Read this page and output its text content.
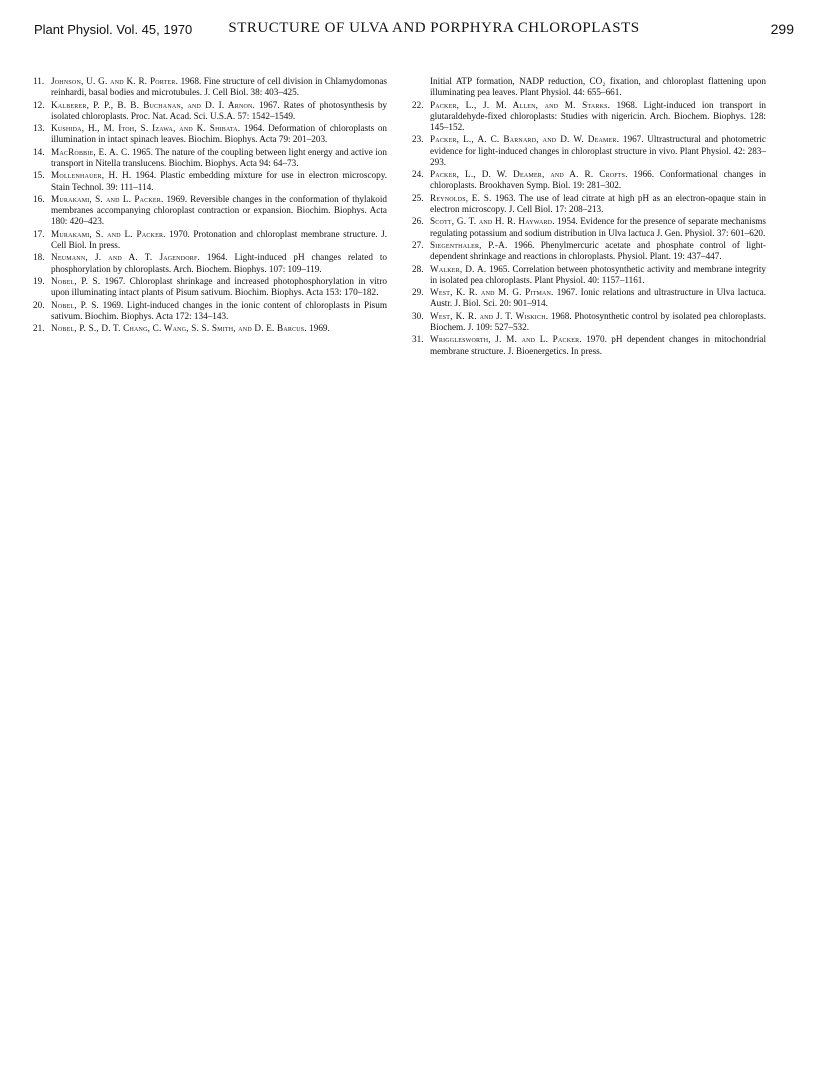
Plant Physiol. Vol. 45, 1970	STRUCTURE OF ULVA AND PORPHYRA CHLOROPLASTS	299

11. Johnson, U. G. and K. R. Porter. 1968. Fine structure of cell division in Chlamydomonas reinhardi, basal bodies and microtubules. J. Cell Biol. 38: 403–425.

12. Kalberer, P. P., B. B. Buchanan, and D. I. Arnon. 1967. Rates of photosynthesis by isolated chloroplasts. Proc. Nat. Acad. Sci. U.S.A. 57: 1542–1549.

13. Kushida, H., M. Itoh, S. Izawa, and K. Shibata. 1964. Deformation of chloroplasts on illumination in intact spinach leaves. Biochim. Biophys. Acta 79: 201–203.

14. MacRobbie, E. A. C. 1965. The nature of the coupling between light energy and active ion transport in Nitella translucens. Biochim. Biophys. Acta 94: 64–73.

15. Mollenhauer, H. H. 1964. Plastic embedding mixture for use in electron microscopy. Stain Technol. 39: 111–114.

16. Murakami, S. and L. Packer. 1969. Reversible changes in the conformation of thylakoid membranes accompanying chloroplast contraction or expansion. Biochim. Biophys. Acta 180: 420–423.

17. Murakami, S. and L. Packer. 1970. Protonation and chloroplast membrane structure. J. Cell Biol. In press.

18. Neumann, J. and A. T. Jagendorf. 1964. Light-induced pH changes related to phosphorylation by chloroplasts. Arch. Biochem. Biophys. 107: 109–119.

19. Nobel, P. S. 1967. Chloroplast shrinkage and increased photophosphorylation in vitro upon illuminating intact plants of Pisum sativum. Biochim. Biophys. Acta 153: 170–182.

20. Nobel, P. S. 1969. Light-induced changes in the ionic content of chloroplasts in Pisum sativum. Biochim. Biophys. Acta 172: 134–143.

21. Nobel, P. S., D. T. Chang, C. Wang, S. S. Smith, and D. E. Barcus. 1969.

Initial ATP formation, NADP reduction, CO₂ fixation, and chloroplast flattening upon illuminating pea leaves. Plant Physiol. 44: 655–661.

22. Packer, L., J. M. Allen, and M. Starks. 1968. Light-induced ion transport in glutaraldehyde-fixed chloroplasts: Studies with nigericin. Arch. Biochem. Biophys. 128: 145–152.

23. Packer, L., A. C. Barnard, and D. W. Deamer. 1967. Ultrastructural and photometric evidence for light-induced changes in chloroplast structure in vivo. Plant Physiol. 42: 283–293.

24. Packer, L., D. W. Deamer, and A. R. Crofts. 1966. Conformational changes in chloroplasts. Brookhaven Symp. Biol. 19: 281–302.

25. Reynolds, E. S. 1963. The use of lead citrate at high pH as an electron-opaque stain in electron microscopy. J. Cell Biol. 17: 208–213.

26. Scott, G. T. and H. R. Hayward. 1954. Evidence for the presence of separate mechanisms regulating potassium and sodium distribution in Ulva lactuca J. Gen. Physiol. 37: 601–620.

27. Siegenthaler, P.-A. 1966. Phenylmercuric acetate and phosphate control of light-dependent shrinkage and reactions in chloroplasts. Physiol. Plant. 19: 437–447.

28. Walker, D. A. 1965. Correlation between photosynthetic activity and membrane integrity in isolated pea chloroplasts. Plant Physiol. 40: 1157–1161.

29. West, K. R. and M. G. Pitman. 1967. Ionic relations and ultrastructure in Ulva lactuca. Austr. J. Biol. Sci. 20: 901–914.

30. West, K. R. and J. T. Wiskich. 1968. Photosynthetic control by isolated pea chloroplasts. Biochem. J. 109: 527–532.

31. Wrigglesworth, J. M. and L. Packer. 1970. pH dependent changes in mitochondrial membrane structure. J. Bioenergetics. In press.
